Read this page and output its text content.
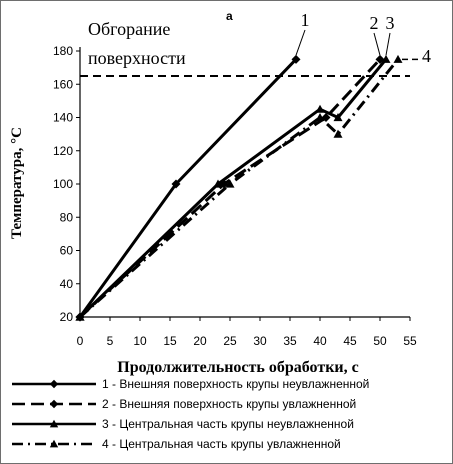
20
40
60
80
100
120
140
160
180
0 5 10 15 20 25 30 35 40 45 50 55
Температура, °С
Продолжительность обработки, с
а
Обгорание
поверхности
1	2 3
4
1 - Внешняя поверхность крупы неувлажненной
2 - Внешняя поверхность крупы увлажненной
3 - Центральная часть крупы неувлажненной
4 - Центральная часть крупы увлажненной
